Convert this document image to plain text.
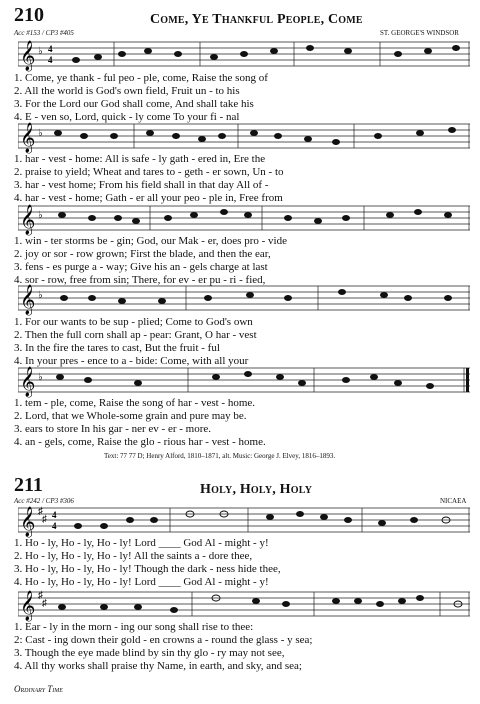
210	Come, Ye Thankful People, Come
Acc #153 / CP3 #405	ST. GEORGE'S WINDSOR
𝄞 ♭ 4
4
1. Come, ye thank - ful peo - ple, come, Raise the song of
2. All the world is God's own field, Fruit un - to his
3. For the Lord our God shall come, And shall take his
4. E - ven so, Lord, quick - ly come To your fi - nal
𝄞 ♭
1. har - vest - home: All is safe - ly gath - ered in, Ere the
2. praise to yield; Wheat and tares to - geth - er sown, Un - to
3. har - vest home; From his field shall in that day All of -
4. har - vest - home; Gath - er all your peo - ple in, Free from
𝄞 ♭
1. win - ter storms be - gin; God, our Mak - er, does pro - vide
2. joy or sor - row grown; First the blade, and then the ear,
3. fens - es purge a - way; Give his an - gels charge at last
4. sor - row, free from sin; There, for ev - er pu - ri - fied,
𝄞 ♭
1. For our wants to be sup - plied; Come to God's own
2. Then the full corn shall ap - pear: Grant, O har - vest
3. In the fire the tares to cast, But the fruit - ful
4. In your pres - ence to a - bide: Come, with all your
𝄞 ♭
1. tem - ple, come, Raise the song of har - vest - home.
2. Lord, that we Whole-some grain and pure may be.
3. ears to store In his gar - ner ev - er - more.
4. an - gels, come, Raise the glo - rious har - vest - home.
Text: 77 77 D; Henry Alford, 1810–1871, alt. Music: George J. Elvey, 1816–1893.
211	Holy, Holy, Holy
Acc #242 / CP3 #306	NICAEA
𝄞 ♯
♯ 4
4
1. Ho - ly, Ho - ly, Ho - ly! Lord ____ God Al - might - y!
2. Ho - ly, Ho - ly, Ho - ly! All the saints a - dore thee,
3. Ho - ly, Ho - ly, Ho - ly! Though the dark - ness hide thee,
4. Ho - ly, Ho - ly, Ho - ly! Lord ____ God Al - might - y!
𝄞 ♯
♯
1. Ear - ly in the morn - ing our song shall rise to thee:
2: Cast - ing down their gold - en crowns a - round the glass - y sea;
3. Though the eye made blind by sin thy glo - ry may not see,
4. All thy works shall praise thy Name, in earth, and sky, and sea;
Ordinary Time
